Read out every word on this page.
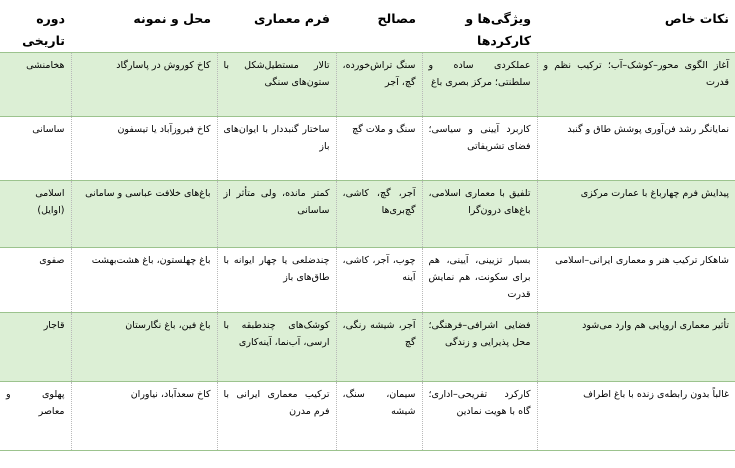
نکات خاص	ویژگی‌ها و کارکردها	مصالح	فرم معماری	محل و نمونه	دوره تاریخی
آغاز الگوی محور–کوشک–آب؛ ترکیب نظم و قدرت	عملکردی ساده و سلطنتی؛ مرکز بصری باغ	سنگ تراش‌خورده، گچ، آجر	تالار مستطیل‌شکل با ستون‌های سنگی	کاخ کوروش در پاسارگاد	هخامنشی
نمایانگر رشد فن‌آوری پوشش طاق و گنبد	کاربرد آیینی و سیاسی؛ فضای تشریفاتی	سنگ و ملات گچ	ساختار گنبددار با ایوان‌های باز	کاخ فیروزآباد یا تیسفون	ساسانی
پیدایش فرم چهارباغ با عمارت مرکزی	تلفیق با معماری اسلامی، باغ‌های درون‌گرا	آجر، گچ، کاشی، گچ‌بری‌ها	کمتر مانده، ولی متأثر از ساسانی	باغ‌های خلافت عباسی و سامانی	اسلامی (اوایل)
شاهکار ترکیب هنر و معماری ایرانی–اسلامی	بسیار تزیینی، آیینی، هم برای سکونت، هم نمایش قدرت	چوب، آجر، کاشی، آینه	چندضلعی یا چهار ایوانه با طاق‌های باز	باغ چهلستون، باغ هشت‌بهشت	صفوی
تأثیر معماری اروپایی هم وارد می‌شود	فضایی اشرافی–فرهنگی؛ محل پذیرایی و زندگی	آجر، شیشه رنگی، گچ	کوشک‌های چندطبقه با ارسی، آب‌نما، آینه‌کاری	باغ فین، باغ نگارستان	قاجار
غالباً بدون رابطه‌ی زنده با باغ اطراف	کارکرد تفریحی–اداری؛ گاه با هویت نمادین	سیمان، سنگ، شیشه	ترکیب معماری ایرانی با فرم مدرن	کاخ سعدآباد، نیاوران	پهلوی و معاصر
